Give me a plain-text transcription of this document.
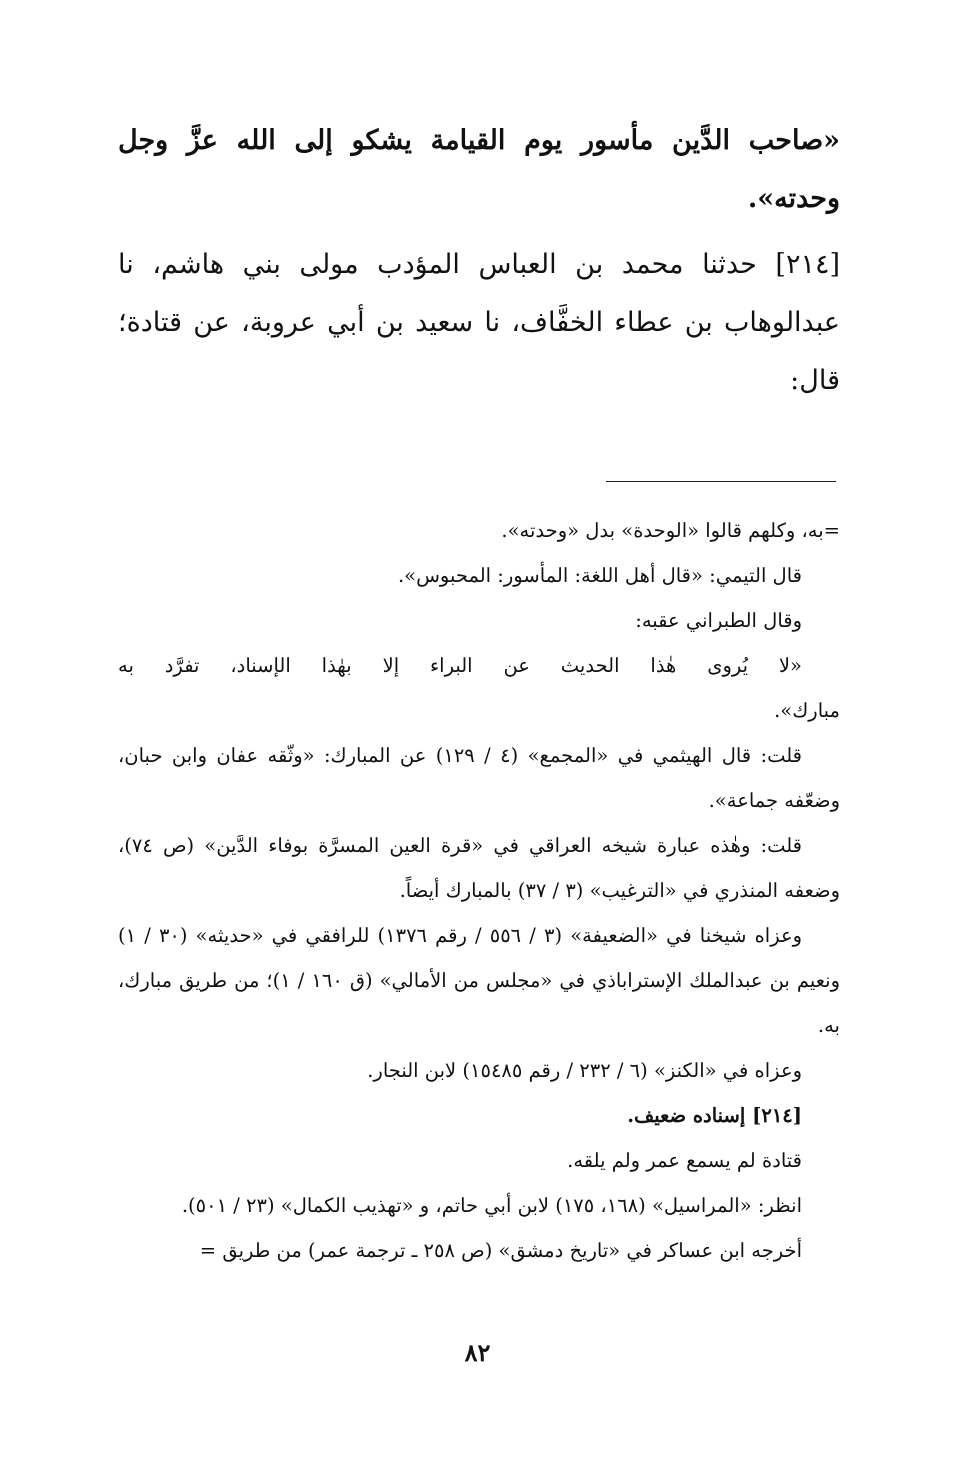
«صاحب الدَّين مأسور يوم القيامة يشكو إلى الله عزَّ وجل وحدته».

[٢١٤] حدثنا محمد بن العباس المؤدب مولى بني هاشم، نا عبدالوهاب بن عطاء الخفَّاف، نا سعيد بن أبي عروبة، عن قتادة؛ قال:

=به، وكلهم قالوا «الوحدة» بدل «وحدته».

قال التيمي: «قال أهل اللغة: المأسور: المحبوس».

وقال الطبراني عقبه:

«لا يُروى هٰذا الحديث عن البراء إلا بهٰذا الإسناد، تفرَّد به

مبارك».

قلت: قال الهيثمي في «المجمع» (٤ / ١٢٩) عن المبارك: «وثّقه عفان وابن حبان، وضعّفه جماعة».

قلت: وهٰذه عبارة شيخه العراقي في «قرة العين المسرَّة بوفاء الدَّين» (ص ٧٤)، وضعفه المنذري في «الترغيب» (٣ / ٣٧) بالمبارك أيضاً.

وعزاه شيخنا في «الضعيفة» (٣ / ٥٥٦ / رقم ١٣٧٦) للرافقي في «حديثه» (٣٠ / ١) ونعيم بن عبدالملك الإستراباذي في «مجلس من الأمالي» (ق ١٦٠ / ١)؛ من طريق مبارك، به.

وعزاه في «الكنز» (٦ / ٢٣٢ / رقم ١٥٤٨٥) لابن النجار.

[٢١٤] إسناده ضعيف.

قتادة لم يسمع عمر ولم يلقه.

انظر: «المراسيل» (١٦٨، ١٧٥) لابن أبي حاتم، و «تهذيب الكمال» (٢٣ / ٥٠١).

أخرجه ابن عساكر في «تاريخ دمشق» (ص ٢٥٨ ـ ترجمة عمر) من طريق =

٨٢
